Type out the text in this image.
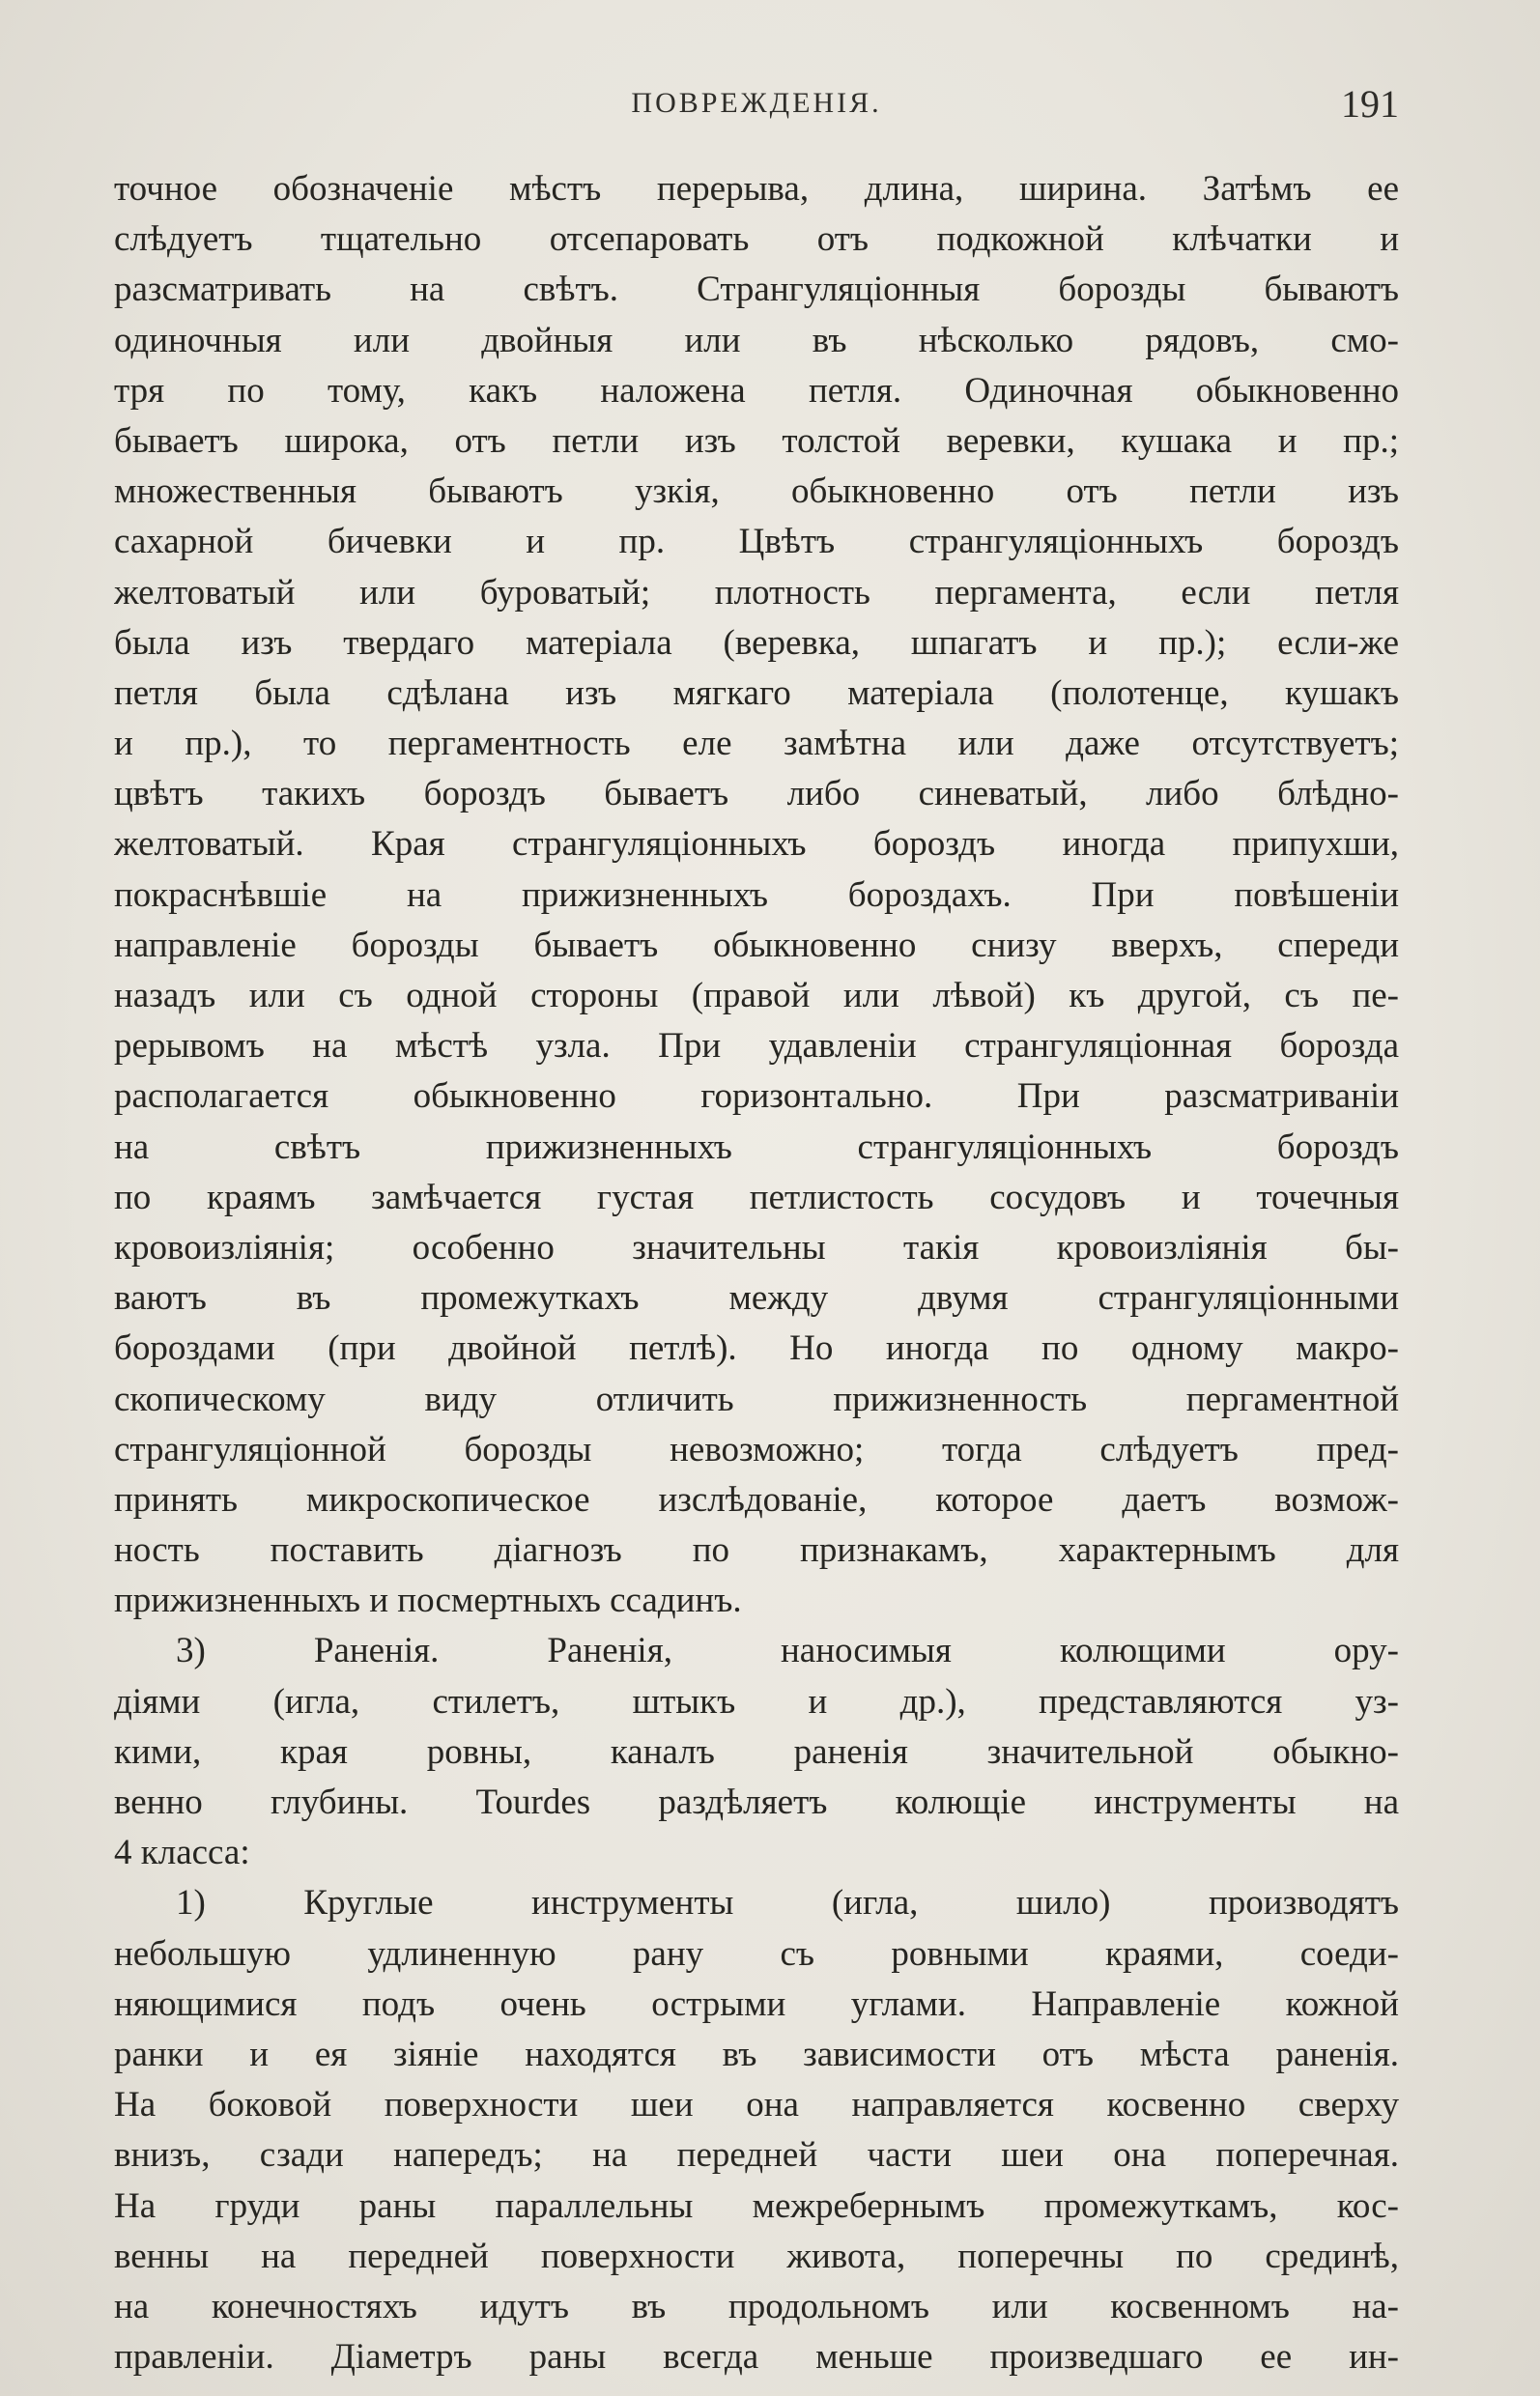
ПОВРЕЖДЕНІЯ.	191
точное обозначеніе мѣстъ перерыва, длина, ширина. Затѣмъ ее
слѣдуетъ тщательно отсепаровать отъ подкожной клѣчатки и
разсматривать на свѣтъ. Странгуляціонныя борозды бываютъ
одиночныя или двойныя или въ нѣсколько рядовъ, смо-
тря по тому, какъ наложена петля. Одиночная обыкновенно
бываетъ широка, отъ петли изъ толстой веревки, кушака и пр.;
множественныя бываютъ узкія, обыкновенно отъ петли изъ
сахарной бичевки и пр. Цвѣтъ странгуляціонныхъ бороздъ
желтоватый или буроватый; плотность пергамента, если петля
была изъ твердаго матеріала (веревка, шпагатъ и пр.); если-же
петля была сдѣлана изъ мягкаго матеріала (полотенце, кушакъ
и пр.), то пергаментность еле замѣтна или даже отсутствуетъ;
цвѣтъ такихъ бороздъ бываетъ либо синеватый, либо блѣдно-
желтоватый. Края странгуляціонныхъ бороздъ иногда припухши,
покраснѣвшіе на прижизненныхъ бороздахъ. При повѣшеніи
направленіе борозды бываетъ обыкновенно снизу вверхъ, спереди
назадъ или съ одной стороны (правой или лѣвой) къ другой, съ пе-
рерывомъ на мѣстѣ узла. При удавленіи странгуляціонная борозда
располагается обыкновенно горизонтально. При разсматриваніи
на свѣтъ прижизненныхъ странгуляціонныхъ бороздъ
по краямъ замѣчается густая петлистость сосудовъ и точечныя
кровоизліянія; особенно значительны такія кровоизліянія бы-
ваютъ въ промежуткахъ между двумя странгуляціонными
бороздами (при двойной петлѣ). Но иногда по одному макро-
скопическому виду отличить прижизненность пергаментной
странгуляціонной борозды невозможно; тогда слѣдуетъ пред-
принять микроскопическое изслѣдованіе, которое даетъ возмож-
ность поставить діагнозъ по признакамъ, характернымъ для
прижизненныхъ и посмертныхъ ссадинъ.
3) Раненія. Раненія, наносимыя колющими ору-
діями (игла, стилетъ, штыкъ и др.), представляются уз-
кими, края ровны, каналъ раненія значительной обыкно-
венно глубины. Tourdes раздѣляетъ колющіе инструменты на
4 класса:
1) Круглые инструменты (игла, шило) производятъ
небольшую удлиненную рану съ ровными краями, соеди-
няющимися подъ очень острыми углами. Направленіе кожной
ранки и ея зіяніе находятся въ зависимости отъ мѣста раненія.
На боковой поверхности шеи она направляется косвенно сверху
внизъ, сзади напередъ; на передней части шеи она поперечная.
На груди раны параллельны межребернымъ промежуткамъ, кос-
венны на передней поверхности живота, поперечны по срединѣ,
на конечностяхъ идутъ въ продольномъ или косвенномъ на-
правленіи. Діаметръ раны всегда меньше произведшаго ее ин-
